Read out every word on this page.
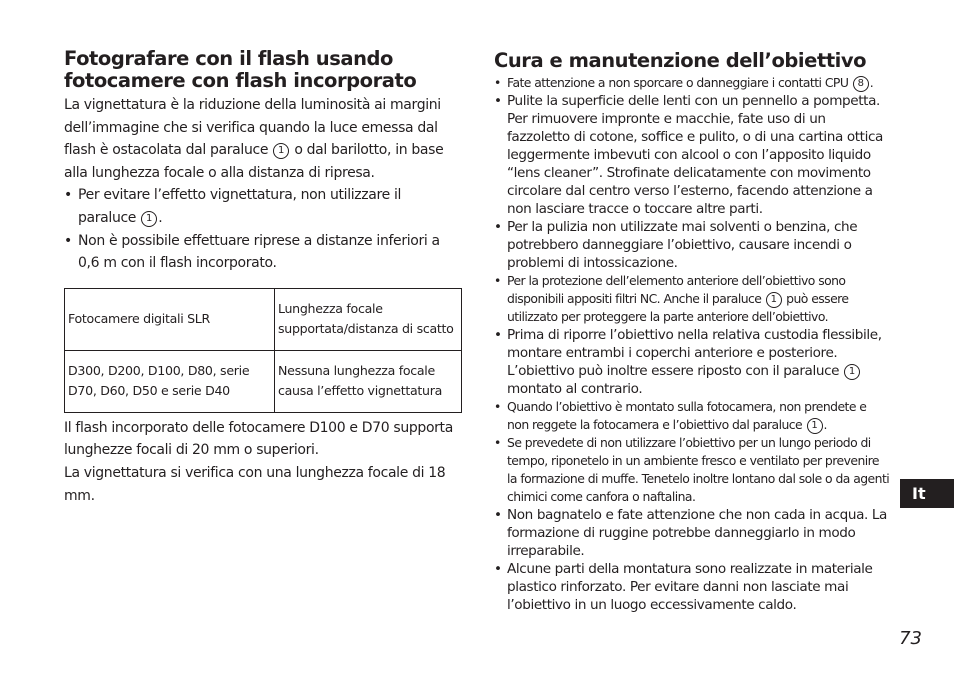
Fotografare con il flash usando fotocamere con flash incorporato

La vignettatura è la riduzione della luminosità ai margini dell’immagine che si verifica quando la luce emessa dal flash è ostacolata dal paraluce 1 o dal barilotto, in base alla lunghezza focale o alla distanza di ripresa.

• Per evitare l’effetto vignettatura, non utilizzare il paraluce 1 .
• Non è possibile effettuare riprese a distanze inferiori a 0,6 m con il flash incorporato.
Fotocamere digitali SLR	Lunghezza focale supportata/distanza di scatto
D300, D200, D100, D80, serie D70, D60, D50 e serie D40	Nessuna lunghezza focale causa l’effetto vignettatura

Il flash incorporato delle fotocamere D100 e D70 supporta lunghezze focali di 20 mm o superiori.

La vignettatura si verifica con una lunghezza focale di 18 mm.

Cura e manutenzione dell’obiettivo
• Fate attenzione a non sporcare o danneggiare i contatti CPU 8 .
• Pulite la superficie delle lenti con un pennello a pompetta. Per rimuovere impronte e macchie, fate uso di un fazzoletto di cotone, soffice e pulito, o di una cartina ottica leggermente imbevuti con alcool o con l’apposito liquido “lens cleaner”. Strofinate delicatamente con movimento circolare dal centro verso l’esterno, facendo attenzione a non lasciare tracce o toccare altre parti.
• Per la pulizia non utilizzate mai solventi o benzina, che potrebbero danneggiare l’obiettivo, causare incendi o problemi di intossicazione.
• Per la protezione dell’elemento anteriore dell’obiettivo sono disponibili appositi filtri NC. Anche il paraluce 1 può essere utilizzato per proteggere la parte anteriore dell’obiettivo.
• Prima di riporre l’obiettivo nella relativa custodia flessibile, montare entrambi i coperchi anteriore e posteriore. L’obiettivo può inoltre essere riposto con il paraluce 1 montato al contrario.
• Quando l’obiettivo è montato sulla fotocamera, non prendete e non reggete la fotocamera e l’obiettivo dal paraluce 1 .
• Se prevedete di non utilizzare l’obiettivo per un lungo periodo di tempo, riponetelo in un ambiente fresco e ventilato per prevenire la formazione di muffe. Tenetelo inoltre lontano dal sole o da agenti chimici come canfora o naftalina.
• Non bagnatelo e fate attenzione che non cada in acqua. La formazione di ruggine potrebbe danneggiarlo in modo irreparabile.
• Alcune parti della montatura sono realizzate in materiale plastico rinforzato. Per evitare danni non lasciate mai l’obiettivo in un luogo eccessivamente caldo.
It
73
